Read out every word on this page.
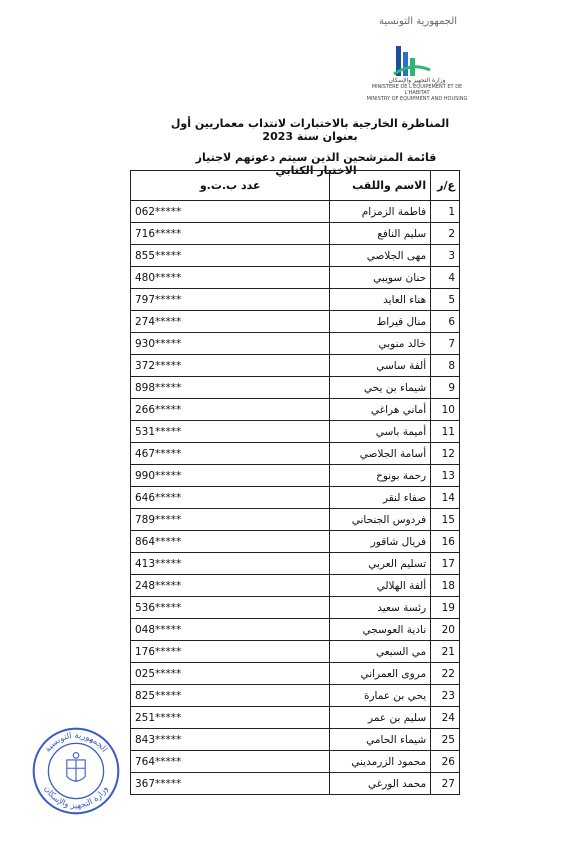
الجمهورية التونسية
وزارة التجهيز والإسكان
MINISTERE DE L'EQUIPEMENT ET DE L'HABITAT
MINISTRY OF EQUIPMENT AND HOUSING
المناظرة الخارجية بالاختبارات لانتداب معماريين أول بعنوان سنة 2023
قائمة المترشحين الذين سيتم دعوتهم لاجتياز الاختبار الكتابي
ع/ر	الاسم واللقب	عدد ب.ت.و
1	فاطمة الزمزام	062*****
2	سليم النافع	716*****
3	مهى الجلاصي	855*****
4	حنان سويبي	480*****
5	هناء العايد	797*****
6	منال قيراط	274*****
7	خالد منوبي	930*****
8	ألفة ساسي	372*****
9	شيماء بن يحي	898*****
10	أماني هراغي	266*****
11	أميمة باسي	531*****
12	أسامة الجلاصي	467*****
13	رحمة بونوح	990*****
14	صفاء لنقر	646*****
15	فردوس الجنحاني	789*****
16	فريال شاقور	864*****
17	تسليم العربي	413*****
18	ألفة الهلالي	248*****
19	رئسة سعيد	536*****
20	نادية العوسجي	048*****
21	مي السبعي	176*****
22	مروى العمراني	025*****
23	يحي بن عمارة	825*****
24	سليم بن عمر	251*****
25	شيماء الحامي	843*****
26	محمود الزرمديني	764*****
27	محمد الورغي	367*****
الجمهورية التونسية
وزارة التجهيز والإسكان
